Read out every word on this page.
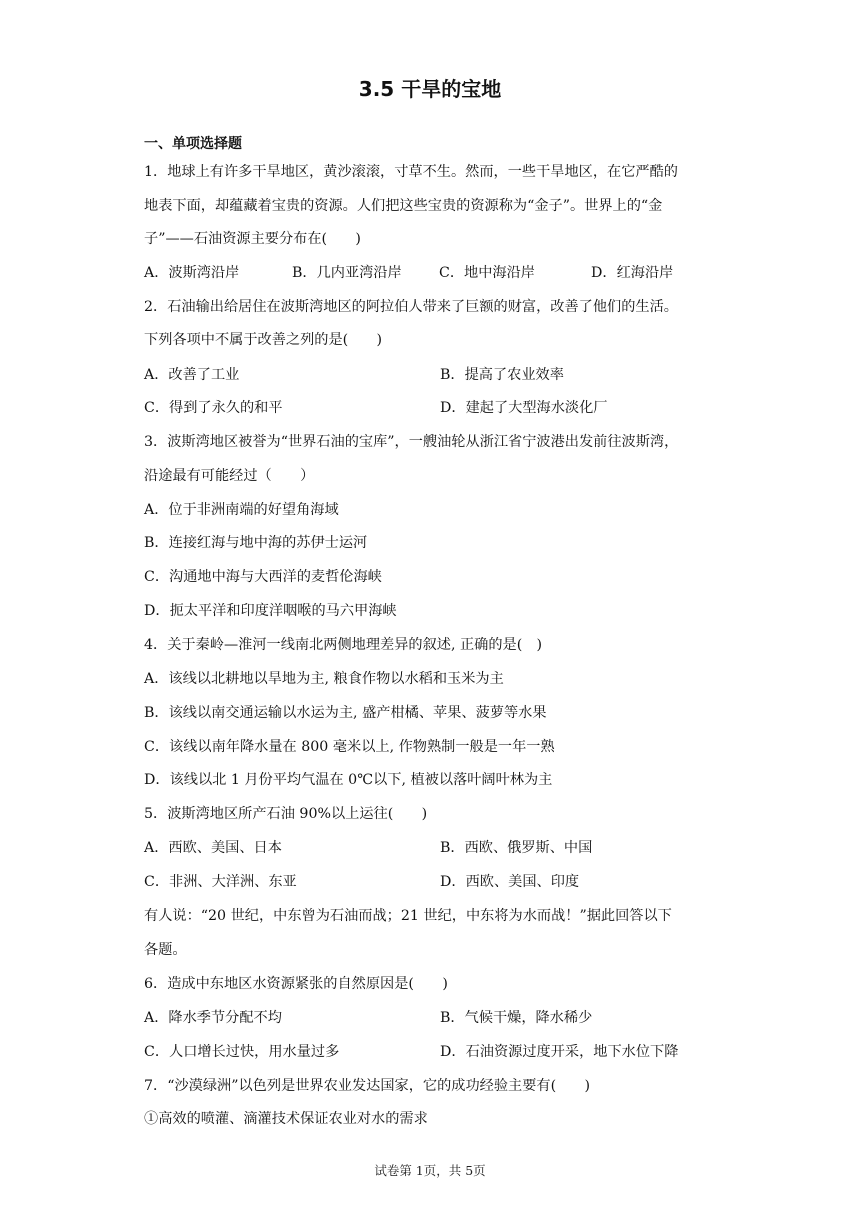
3.5 干旱的宝地
一、单项选择题
1．地球上有许多干旱地区，黄沙滚滚，寸草不生。然而，一些干旱地区，在它严酷的
地表下面，却蕴藏着宝贵的资源。人们把这些宝贵的资源称为“金子”。世界上的“金
子”——石油资源主要分布在(　　)
A．波斯湾沿岸	B．几内亚湾沿岸	C．地中海沿岸	D．红海沿岸
2．石油输出给居住在波斯湾地区的阿拉伯人带来了巨额的财富，改善了他们的生活。
下列各项中不属于改善之列的是(　　)
A．改善了工业	B．提高了农业效率
C．得到了永久的和平	D．建起了大型海水淡化厂
3．波斯湾地区被誉为“世界石油的宝库”，一艘油轮从浙江省宁波港出发前往波斯湾，
沿途最有可能经过（　　）
A．位于非洲南端的好望角海域
B．连接红海与地中海的苏伊士运河
C．沟通地中海与大西洋的麦哲伦海峡
D．扼太平洋和印度洋咽喉的马六甲海峡
4．关于秦岭—淮河一线南北两侧地理差异的叙述, 正确的是(　)
A．该线以北耕地以旱地为主, 粮食作物以水稻和玉米为主
B．该线以南交通运输以水运为主, 盛产柑橘、苹果、菠萝等水果
C．该线以南年降水量在 800 毫米以上, 作物熟制一般是一年一熟
D．该线以北 1 月份平均气温在 0℃以下, 植被以落叶阔叶林为主
5．波斯湾地区所产石油 90%以上运往(　　)
A．西欧、美国、日本	B．西欧、俄罗斯、中国
C．非洲、大洋洲、东亚	D．西欧、美国、印度
有人说：“20 世纪，中东曾为石油而战；21 世纪，中东将为水而战！”据此回答以下
各题。
6．造成中东地区水资源紧张的自然原因是(　　)
A．降水季节分配不均	B．气候干燥，降水稀少
C．人口增长过快，用水量过多	D．石油资源过度开采，地下水位下降
7．“沙漠绿洲”以色列是世界农业发达国家，它的成功经验主要有(　　)
①高效的喷灌、滴灌技术保证农业对水的需求
试卷第 1页，共 5页
